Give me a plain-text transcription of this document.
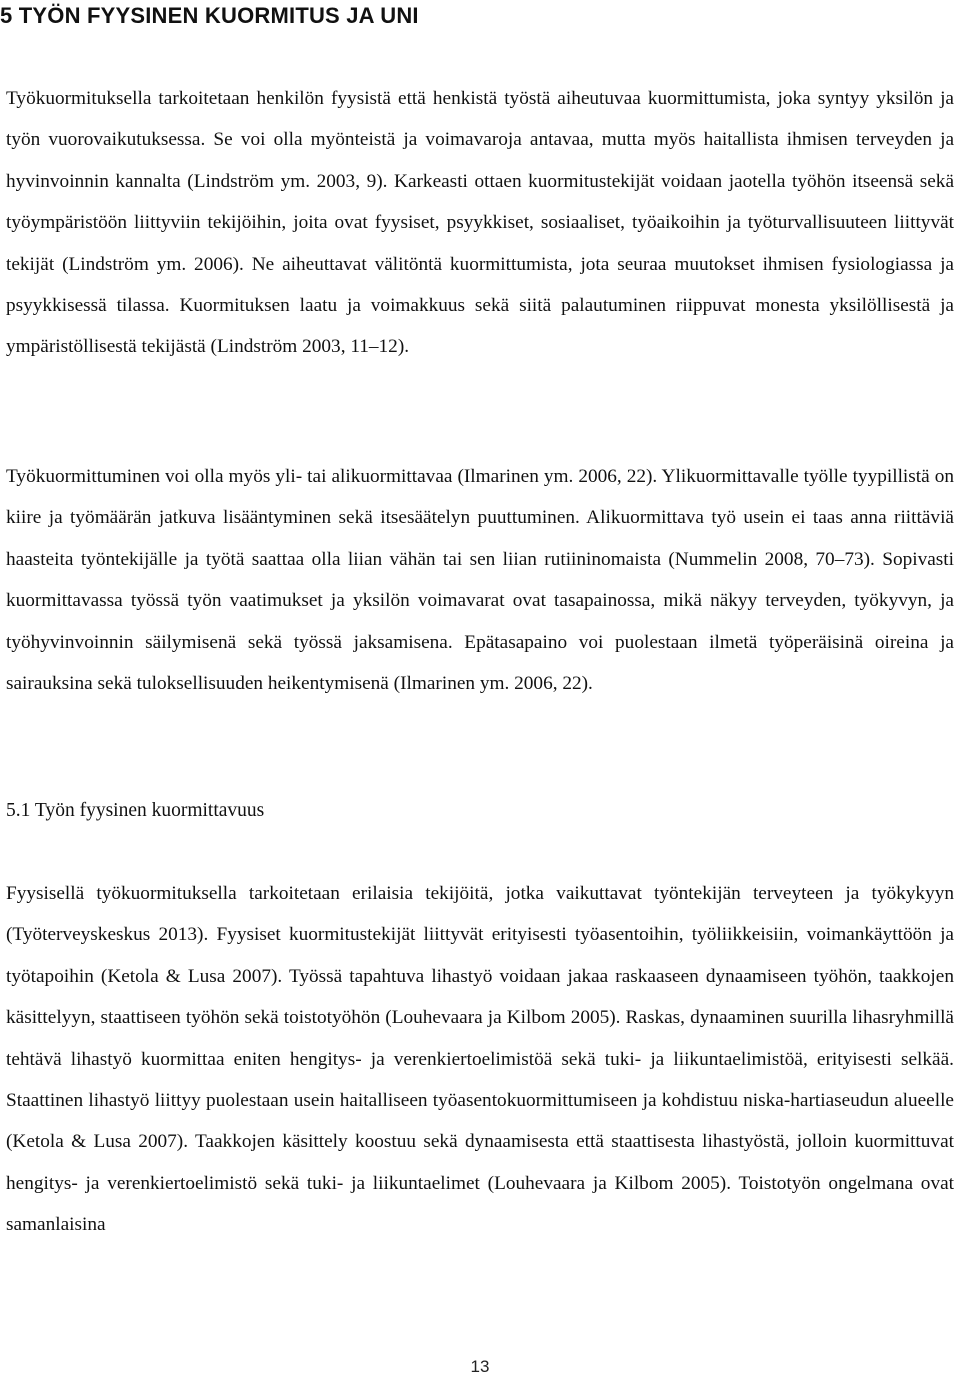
5 TYÖN FYYSINEN KUORMITUS JA UNI

Työkuormituksella tarkoitetaan henkilön fyysistä että henkistä työstä aiheutuvaa kuormittumista, joka syntyy yksilön ja työn vuorovaikutuksessa. Se voi olla myönteistä ja voimavaroja antavaa, mutta myös haitallista ihmisen terveyden ja hyvinvoinnin kannalta (Lindström ym. 2003, 9). Karkeasti ottaen kuormitustekijät voidaan jaotella työhön itseensä sekä työympäristöön liittyviin tekijöihin, joita ovat fyysiset, psyykkiset, sosiaaliset, työaikoihin ja työturvallisuuteen liittyvät tekijät (Lindström ym. 2006). Ne aiheuttavat välitöntä kuormittumista, jota seuraa muutokset ihmisen fysiologiassa ja psyykkisessä tilassa. Kuormituksen laatu ja voimakkuus sekä siitä palautuminen riippuvat monesta yksilöllisestä ja ympäristöllisestä tekijästä (Lindström 2003, 11–12).

Työkuormittuminen voi olla myös yli- tai alikuormittavaa (Ilmarinen ym. 2006, 22). Ylikuormittavalle työlle tyypillistä on kiire ja työmäärän jatkuva lisääntyminen sekä itsesäätelyn puuttuminen. Alikuormittava työ usein ei taas anna riittäviä haasteita työntekijälle ja työtä saattaa olla liian vähän tai sen liian rutiininomaista (Nummelin 2008, 70–73). Sopivasti kuormittavassa työssä työn vaatimukset ja yksilön voimavarat ovat tasapainossa, mikä näkyy terveyden, työkyvyn, ja työhyvinvoinnin säilymisenä sekä työssä jaksamisena. Epätasapaino voi puolestaan ilmetä työperäisinä oireina ja sairauksina sekä tuloksellisuuden heikentymisenä (Ilmarinen ym. 2006, 22).

5.1 Työn fyysinen kuormittavuus

Fyysisellä työkuormituksella tarkoitetaan erilaisia tekijöitä, jotka vaikuttavat työntekijän terveyteen ja työkykyyn (Työterveyskeskus 2013). Fyysiset kuormitustekijät liittyvät erityisesti työasentoihin, työliikkeisiin, voimankäyttöön ja työtapoihin (Ketola & Lusa 2007). Työssä tapahtuva lihastyö voidaan jakaa raskaaseen dynaamiseen työhön, taakkojen käsittelyyn, staattiseen työhön sekä toistotyöhön (Louhevaara ja Kilbom 2005). Raskas, dynaaminen suurilla lihasryhmillä tehtävä lihastyö kuormittaa eniten hengitys- ja verenkiertoelimistöä sekä tuki- ja liikuntaelimistöä, erityisesti selkää. Staattinen lihastyö liittyy puolestaan usein haitalliseen työasentokuormittumiseen ja kohdistuu niska-hartiaseudun alueelle (Ketola & Lusa 2007). Taakkojen käsittely koostuu sekä dynaamisesta että staattisesta lihastyöstä, jolloin kuormittuvat hengitys- ja verenkiertoelimistö sekä tuki- ja liikuntaelimet (Louhevaara ja Kilbom 2005). Toistotyön ongelmana ovat samanlaisina

13
